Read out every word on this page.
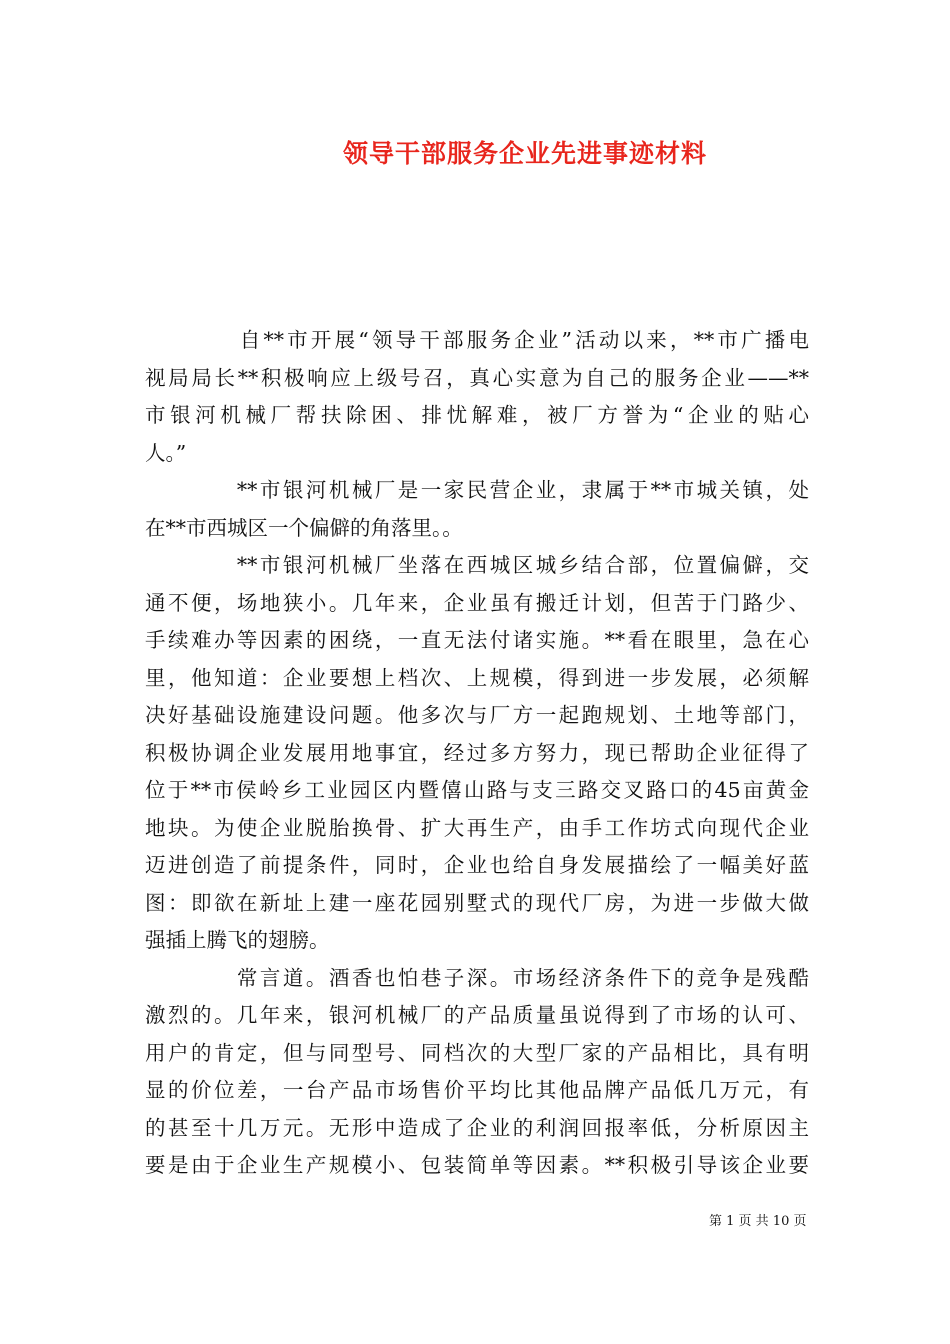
领导干部服务企业先进事迹材料
　　　　自**市开展“领导干部服务企业”活动以来，**市广播电
视局局长**积极响应上级号召，真心实意为自己的服务企业——**
市银河机械厂帮扶除困、排忧解难，被厂方誉为“企业的贴心
人。”
　　　　**市银河机械厂是一家民营企业，隶属于**市城关镇，处
在**市西城区一个偏僻的角落里。。
　　　　**市银河机械厂坐落在西城区城乡结合部，位置偏僻，交
通不便，场地狭小。几年来，企业虽有搬迁计划，但苦于门路少、
手续难办等因素的困绕，一直无法付诸实施。**看在眼里，急在心
里，他知道：企业要想上档次、上规模，得到进一步发展，必须解
决好基础设施建设问题。他多次与厂方一起跑规划、土地等部门，
积极协调企业发展用地事宜，经过多方努力，现已帮助企业征得了
位于**市侯岭乡工业园区内暨僖山路与支三路交叉路口的45亩黄金
地块。为使企业脱胎换骨、扩大再生产，由手工作坊式向现代企业
迈进创造了前提条件，同时，企业也给自身发展描绘了一幅美好蓝
图：即欲在新址上建一座花园别墅式的现代厂房，为进一步做大做
强插上腾飞的翅膀。
　　　　常言道。酒香也怕巷子深。市场经济条件下的竞争是残酷
激烈的。几年来，银河机械厂的产品质量虽说得到了市场的认可、
用户的肯定，但与同型号、同档次的大型厂家的产品相比，具有明
显的价位差，一台产品市场售价平均比其他品牌产品低几万元，有
的甚至十几万元。无形中造成了企业的利润回报率低，分析原因主
要是由于企业生产规模小、包装简单等因素。**积极引导该企业要
第 1 页 共 10 页
